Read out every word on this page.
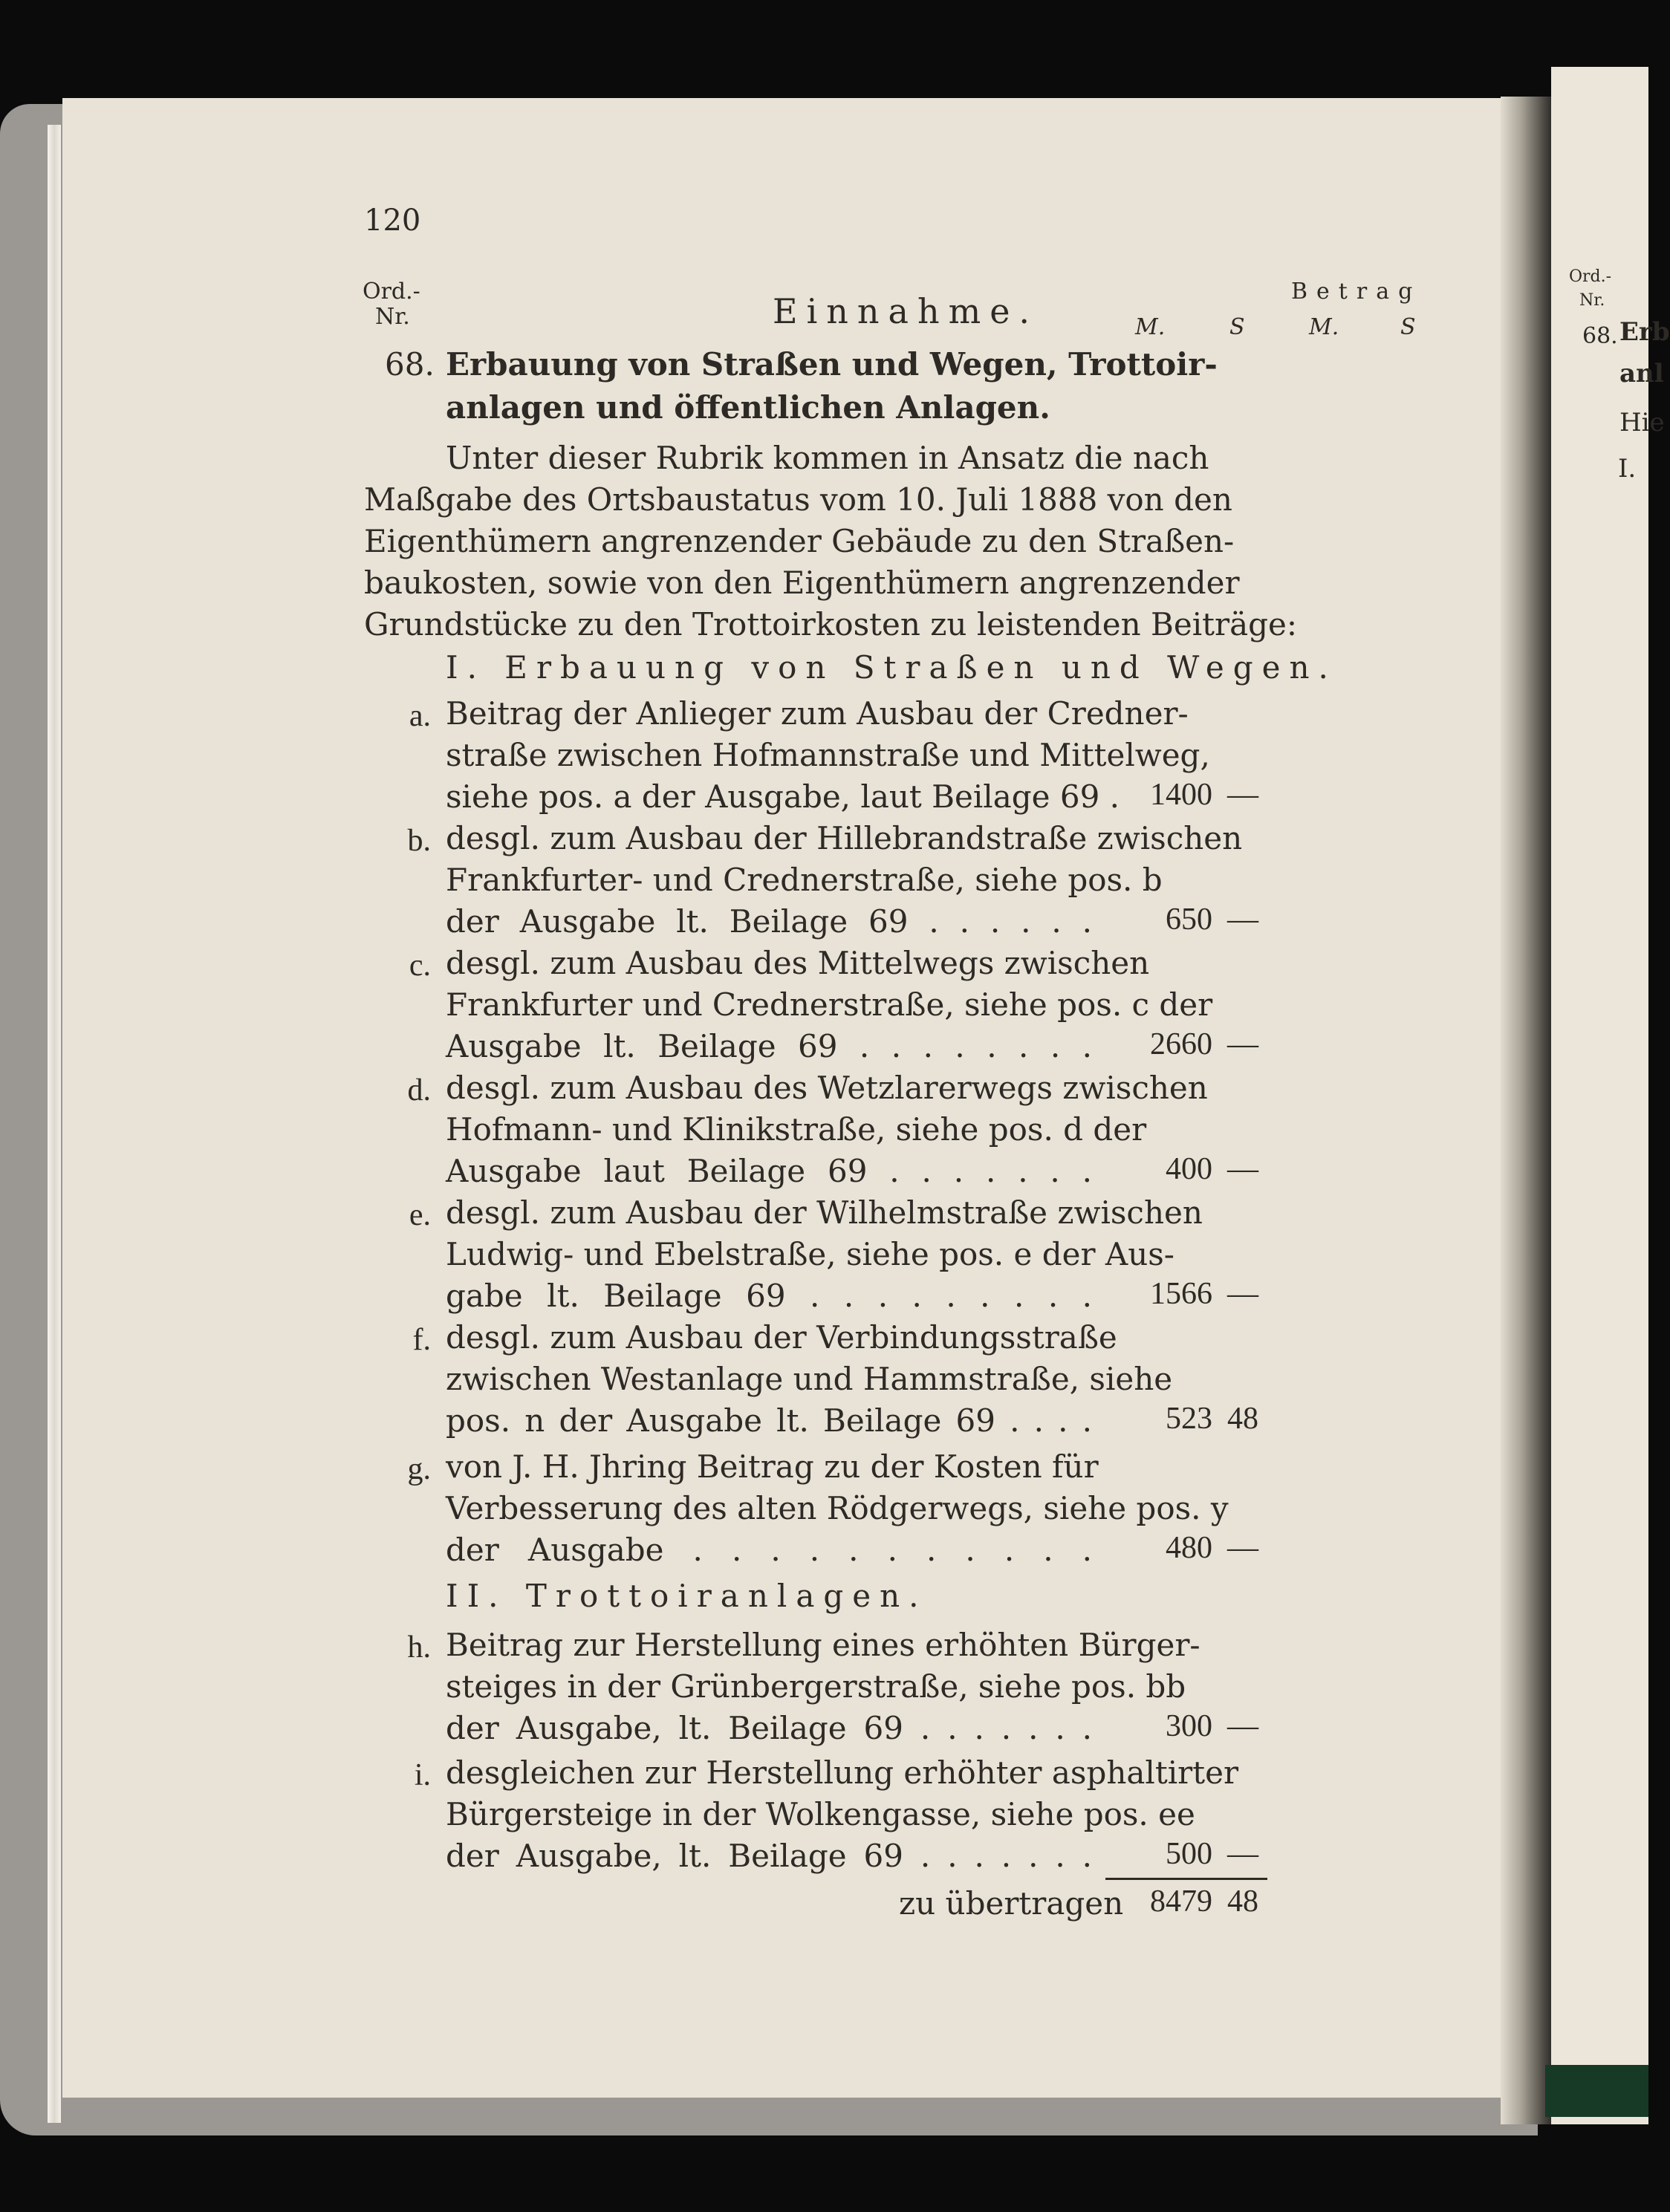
120
Ord.-
Nr.	Einnahme.	Betrag
M.	S	M.	S
68. Erbauung von Straßen und Wegen, Trottoir-
anlagen und öffentlichen Anlagen.
Unter dieser Rubrik kommen in Ansatz die nach
Maßgabe des Ortsbaustatus vom 10. Juli 1888 von den
Eigenthümern angrenzender Gebäude zu den Straßen-
baukosten, sowie von den Eigenthümern angrenzender
Grundstücke zu den Trottoirkosten zu leistenden Beiträge:
I. Erbauung von Straßen und Wegen.
a. Beitrag der Anlieger zum Ausbau der Credner-
straße zwischen Hofmannstraße und Mittelweg,
siehe pos. a der Ausgabe, laut Beilage 69 . 1400 —
b. desgl. zum Ausbau der Hillebrandstraße zwischen
Frankfurter- und Crednerstraße, siehe pos. b
der Ausgabe lt. Beilage 69 . . . . . .	650 —
c. desgl. zum Ausbau des Mittelwegs zwischen
Frankfurter und Crednerstraße, siehe pos. c der
Ausgabe lt. Beilage 69 . . . . . . . .	2660 —
d. desgl. zum Ausbau des Wetzlarerwegs zwischen
Hofmann- und Klinikstraße, siehe pos. d der
Ausgabe laut Beilage 69 . . . . . . .	400 —
e. desgl. zum Ausbau der Wilhelmstraße zwischen
Ludwig- und Ebelstraße, siehe pos. e der Aus-
gabe lt. Beilage 69 . . . . . . . . .	1566 —
f. desgl. zum Ausbau der Verbindungsstraße
zwischen Westanlage und Hammstraße, siehe
pos. n der Ausgabe lt. Beilage 69 . . . .	523 48
g. von J. H. Jhring Beitrag zu der Kosten für
Verbesserung des alten Rödgerwegs, siehe pos. y
der Ausgabe . . . . . . . . . . .	480 —
II. Trottoiranlagen.
h. Beitrag zur Herstellung eines erhöhten Bürger-
steiges in der Grünbergerstraße, siehe pos. bb
der Ausgabe, lt. Beilage 69 . . . . . . .	300 —
i. desgleichen zur Herstellung erhöhter asphaltirter
Bürgersteige in der Wolkengasse, siehe pos. ee
der Ausgabe, lt. Beilage 69 . . . . . . .	500 —
zu übertragen 8479 48
Ord.-
Nr.
68. Erb
anl
Hie
I.
